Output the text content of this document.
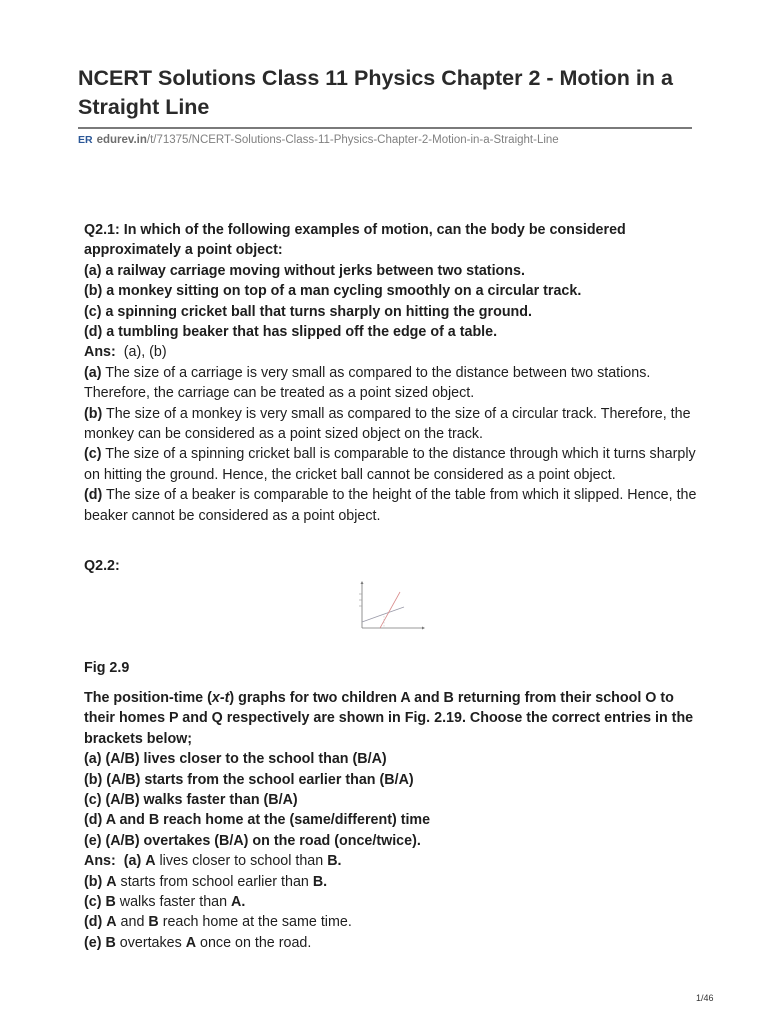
NCERT Solutions Class 11 Physics Chapter 2 - Motion in a Straight Line
ER edurev.in/t/71375/NCERT-Solutions-Class-11-Physics-Chapter-2-Motion-in-a-Straight-Line

Q2.1: In which of the following examples of motion, can the body be considered approximately a point object:

(a) a railway carriage moving without jerks between two stations.

(b) a monkey sitting on top of a man cycling smoothly on a circular track.

(c) a spinning cricket ball that turns sharply on hitting the ground.

(d) a tumbling beaker that has slipped off the edge of a table.

Ans: (a), (b)

(a) The size of a carriage is very small as compared to the distance between two stations. Therefore, the carriage can be treated as a point sized object.

(b) The size of a monkey is very small as compared to the size of a circular track. Therefore, the monkey can be considered as a point sized object on the track.

(c) The size of a spinning cricket ball is comparable to the distance through which it turns sharply on hitting the ground. Hence, the cricket ball cannot be considered as a point object.

(d) The size of a beaker is comparable to the height of the table from which it slipped. Hence, the beaker cannot be considered as a point object.

Q2.2:

Fig 2.9

The position-time (x-t) graphs for two children A and B returning from their school O to their homes P and Q respectively are shown in Fig. 2.19. Choose the correct entries in the brackets below;

(a) (A/B) lives closer to the school than (B/A)

(b) (A/B) starts from the school earlier than (B/A)

(c) (A/B) walks faster than (B/A)

(d) A and B reach home at the (same/different) time

(e) (A/B) overtakes (B/A) on the road (once/twice).

Ans: (a) A lives closer to school than B.

(b) A starts from school earlier than B.

(c) B walks faster than A.

(d) A and B reach home at the same time.

(e) B overtakes A once on the road.

1/46
